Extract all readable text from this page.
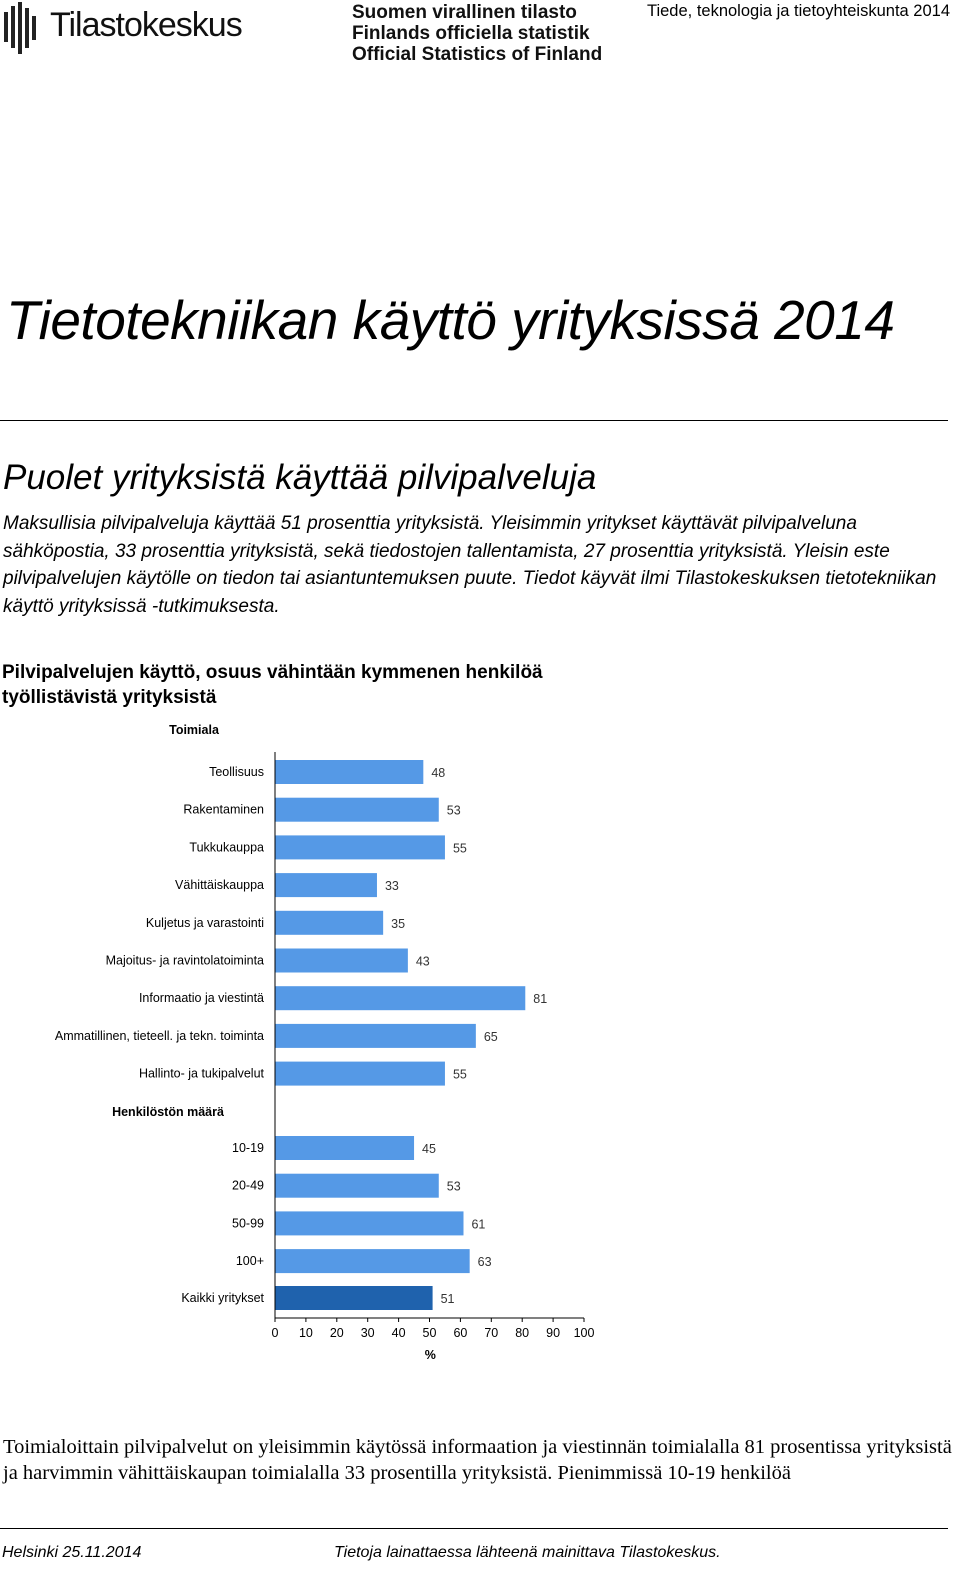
Tilastokeskus	Suomen virallinen tilasto
Finlands officiella statistik
Official Statistics of Finland
Tiede, teknologia ja tietoyhteiskunta 2014
Tietotekniikan käyttö yrityksissä 2014
Puolet yrityksistä käyttää pilvipalveluja
Maksullisia pilvipalveluja käyttää 51 prosenttia yrityksistä. Yleisimmin yritykset käyttävät pilvipalveluna sähköpostia, 33 prosenttia yrityksistä, sekä tiedostojen tallentamista, 27 prosenttia yrityksistä. Yleisin este pilvipalvelujen käytölle on tiedon tai asiantuntemuksen puute. Tiedot käyvät ilmi Tilastokeskuksen tietotekniikan käyttö yrityksissä -tutkimuksesta.
Pilvipalvelujen käyttö, osuus vähintään kymmenen henkilöä työllistävistä yrityksistä
Toimiala
Teollisuus	48
Rakentaminen	53
Tukkukauppa	55
Vähittäiskauppa	33
Kuljetus ja varastointi	35
Majoitus- ja ravintolatoiminta	43
Informaatio ja viestintä	81
Ammatillinen, tieteell. ja tekn. toiminta	65
Hallinto- ja tukipalvelut	55
Henkilöstön määrä
10-19	45
20-49	53
50-99	61
100+	63
Kaikki yritykset	51
0 10 20 30 40 50 60 70 80 90 100
%
Toimialoittain pilvipalvelut on yleisimmin käytössä informaation ja viestinnän toimialalla 81 prosentissa yrityksistä ja harvimmin vähittäiskaupan toimialalla 33 prosentilla yrityksistä. Pienimmissä 10-19 henkilöä
Helsinki 25.11.2014	Tietoja lainattaessa lähteenä mainittava Tilastokeskus.
